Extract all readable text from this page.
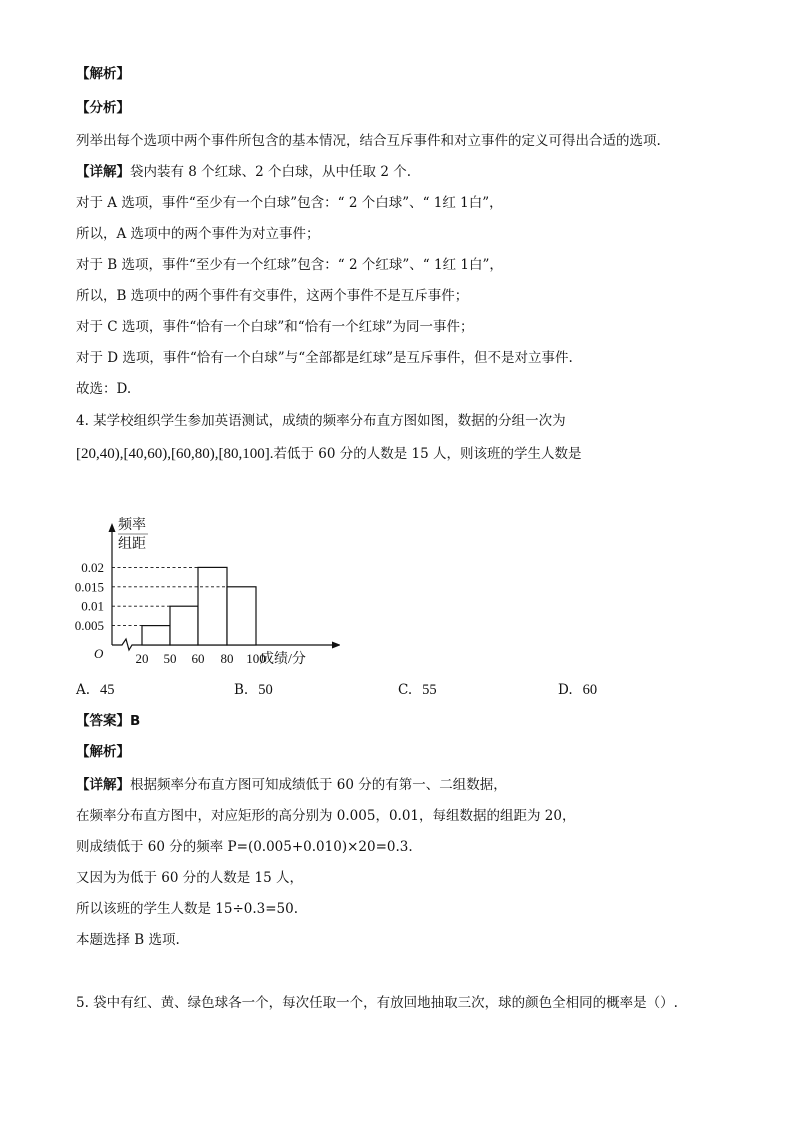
【解析】
【分析】
列举出每个选项中两个事件所包含的基本情况，结合互斥事件和对立事件的定义可得出合适的选项.
【详解】袋内装有 8 个红球、2 个白球，从中任取 2 个.
对于 A 选项，事件“至少有一个白球”包含：“ 2 个白球”、“ 1红 1白”，
所以，A 选项中的两个事件为对立事件；
对于 B 选项，事件“至少有一个红球”包含：“ 2 个红球”、“ 1红 1白”，
所以，B 选项中的两个事件有交事件，这两个事件不是互斥事件；
对于 C 选项，事件“恰有一个白球”和“恰有一个红球”为同一事件；
对于 D 选项，事件“恰有一个白球”与“全部都是红球”是互斥事件，但不是对立事件.
故选：D.
4. 某学校组织学生参加英语测试，成绩的频率分布直方图如图，数据的分组一次为
[20,40),[40,60),[60,80),[80,100].若低于 60 分的人数是 15 人，则该班的学生人数是
0.02
0.015
0.01
0.005
20 50 60 80 100
O
频率
组距
成绩/分
A. 45	B. 50	C. 55	D. 60
【答案】B
【解析】
【详解】根据频率分布直方图可知成绩低于 60 分的有第一、二组数据，
在频率分布直方图中，对应矩形的高分别为 0.005，0.01，每组数据的组距为 20，
则成绩低于 60 分的频率 P=(0.005+0.010)×20=0.3.
又因为为低于 60 分的人数是 15 人，
所以该班的学生人数是 15÷0.3=50.
本题选择 B 选项.
5. 袋中有红、黄、绿色球各一个，每次任取一个，有放回地抽取三次，球的颜色全相同的概率是（）.
